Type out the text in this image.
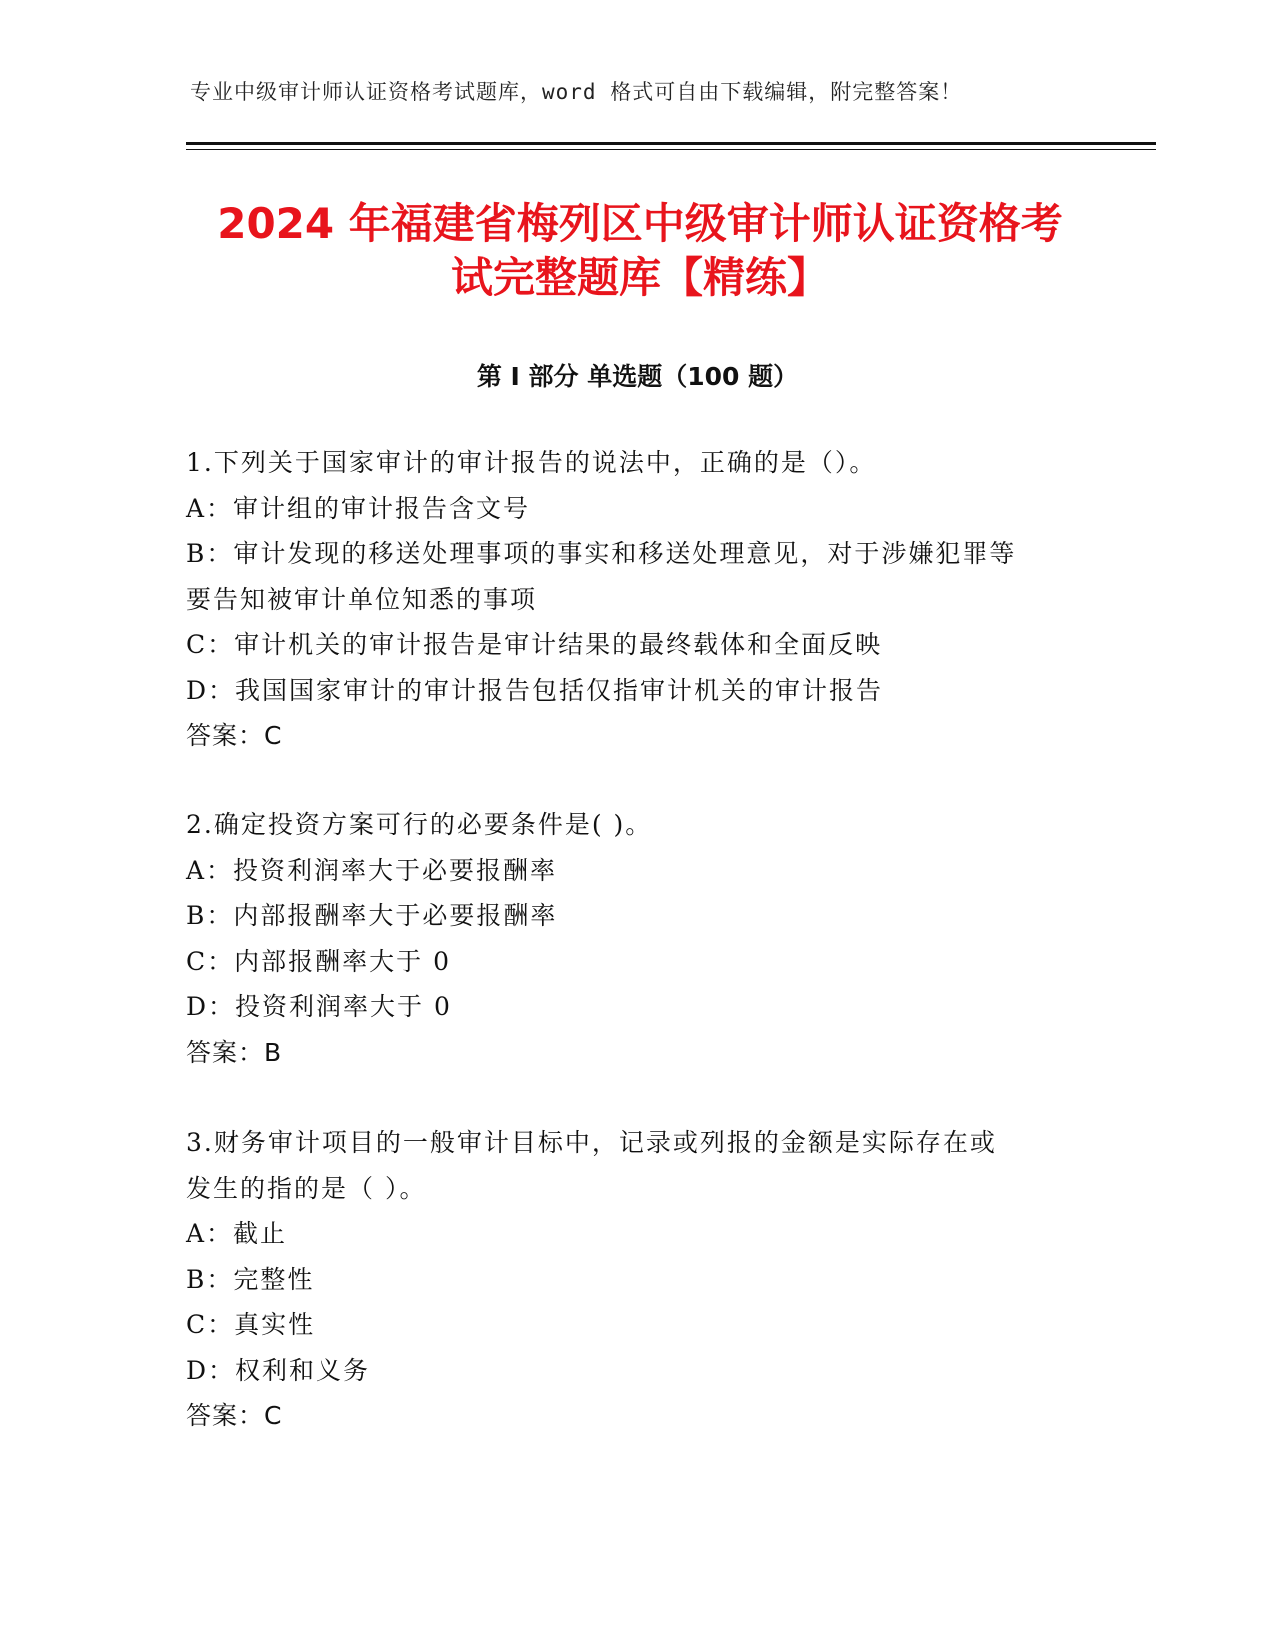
专业中级审计师认证资格考试题库，word 格式可自由下载编辑，附完整答案！
2024 年福建省梅列区中级审计师认证资格考
试完整题库【精练】
第 I 部分 单选题（100 题）
1.下列关于国家审计的审计报告的说法中，正确的是（）。
A：审计组的审计报告含文号
B：审计发现的移送处理事项的事实和移送处理意见，对于涉嫌犯罪等
要告知被审计单位知悉的事项
C：审计机关的审计报告是审计结果的最终载体和全面反映
D：我国国家审计的审计报告包括仅指审计机关的审计报告
答案：C
2.确定投资方案可行的必要条件是( )。
A：投资利润率大于必要报酬率
B：内部报酬率大于必要报酬率
C：内部报酬率大于 0
D：投资利润率大于 0
答案：B
3.财务审计项目的一般审计目标中，记录或列报的金额是实际存在或
发生的指的是（ ）。
A：截止
B：完整性
C：真实性
D：权利和义务
答案：C
